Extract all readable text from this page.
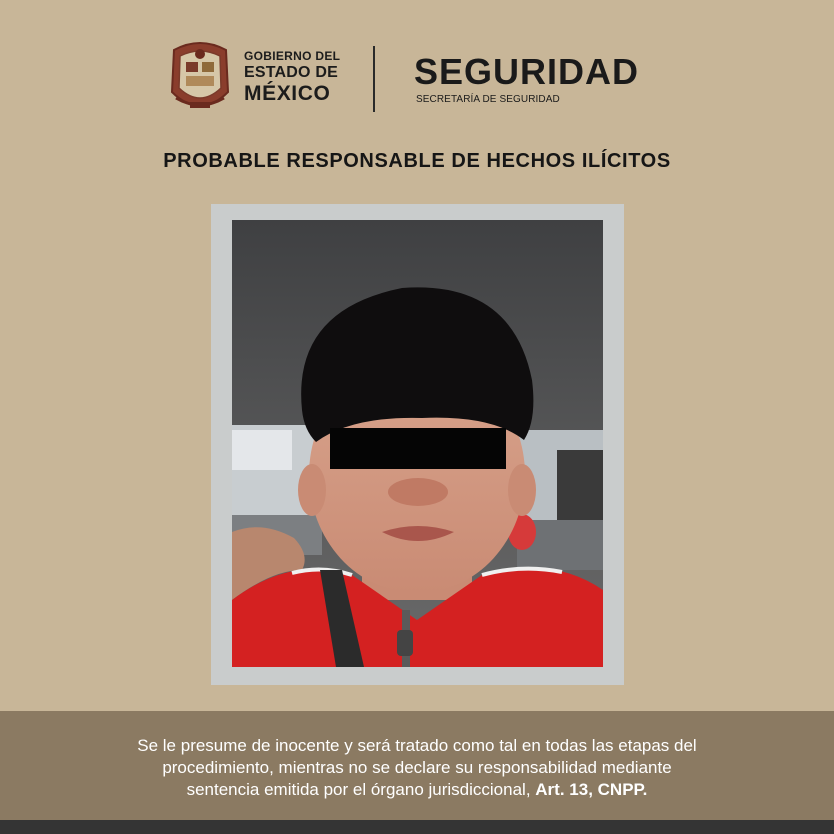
GOBIERNO DEL
ESTADO DE
MÉXICO
SEGURIDAD
SECRETARÍA DE SEGURIDAD
PROBABLE RESPONSABLE DE HECHOS ILÍCITOS
Se le presume de inocente y será tratado como tal en todas las etapas del
procedimiento, mientras no se declare su responsabilidad mediante
sentencia emitida por el órgano jurisdiccional, Art. 13, CNPP.
